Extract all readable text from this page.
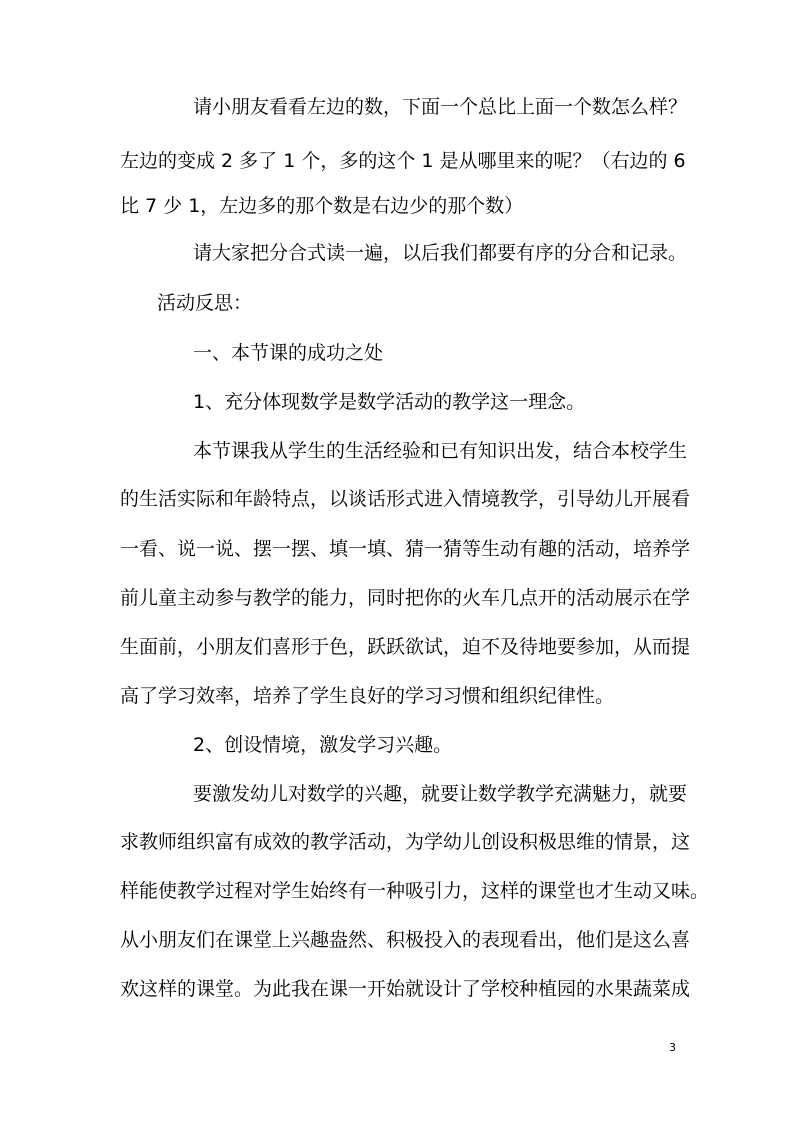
请小朋友看看左边的数，下面一个总比上面一个数怎么样？
左边的变成 2 多了 1 个，多的这个 1 是从哪里来的呢？（右边的 6
比 7 少 1，左边多的那个数是右边少的那个数）
请大家把分合式读一遍，以后我们都要有序的分合和记录。
活动反思：
一、本节课的成功之处
1、充分体现数学是数学活动的教学这一理念。
本节课我从学生的生活经验和已有知识出发，结合本校学生
的生活实际和年龄特点，以谈话形式进入情境教学，引导幼儿开展看
一看、说一说、摆一摆、填一填、猜一猜等生动有趣的活动，培养学
前儿童主动参与教学的能力，同时把你的火车几点开的活动展示在学
生面前，小朋友们喜形于色，跃跃欲试，迫不及待地要参加，从而提
高了学习效率，培养了学生良好的学习习惯和组织纪律性。
2、创设情境，激发学习兴趣。
要激发幼儿对数学的兴趣，就要让数学教学充满魅力，就要
求教师组织富有成效的教学活动，为学幼儿创设积极思维的情景，这
样能使教学过程对学生始终有一种吸引力，这样的课堂也才生动又味。
从小朋友们在课堂上兴趣盎然、积极投入的表现看出，他们是这么喜
欢这样的课堂。为此我在课一开始就设计了学校种植园的水果蔬菜成
3
